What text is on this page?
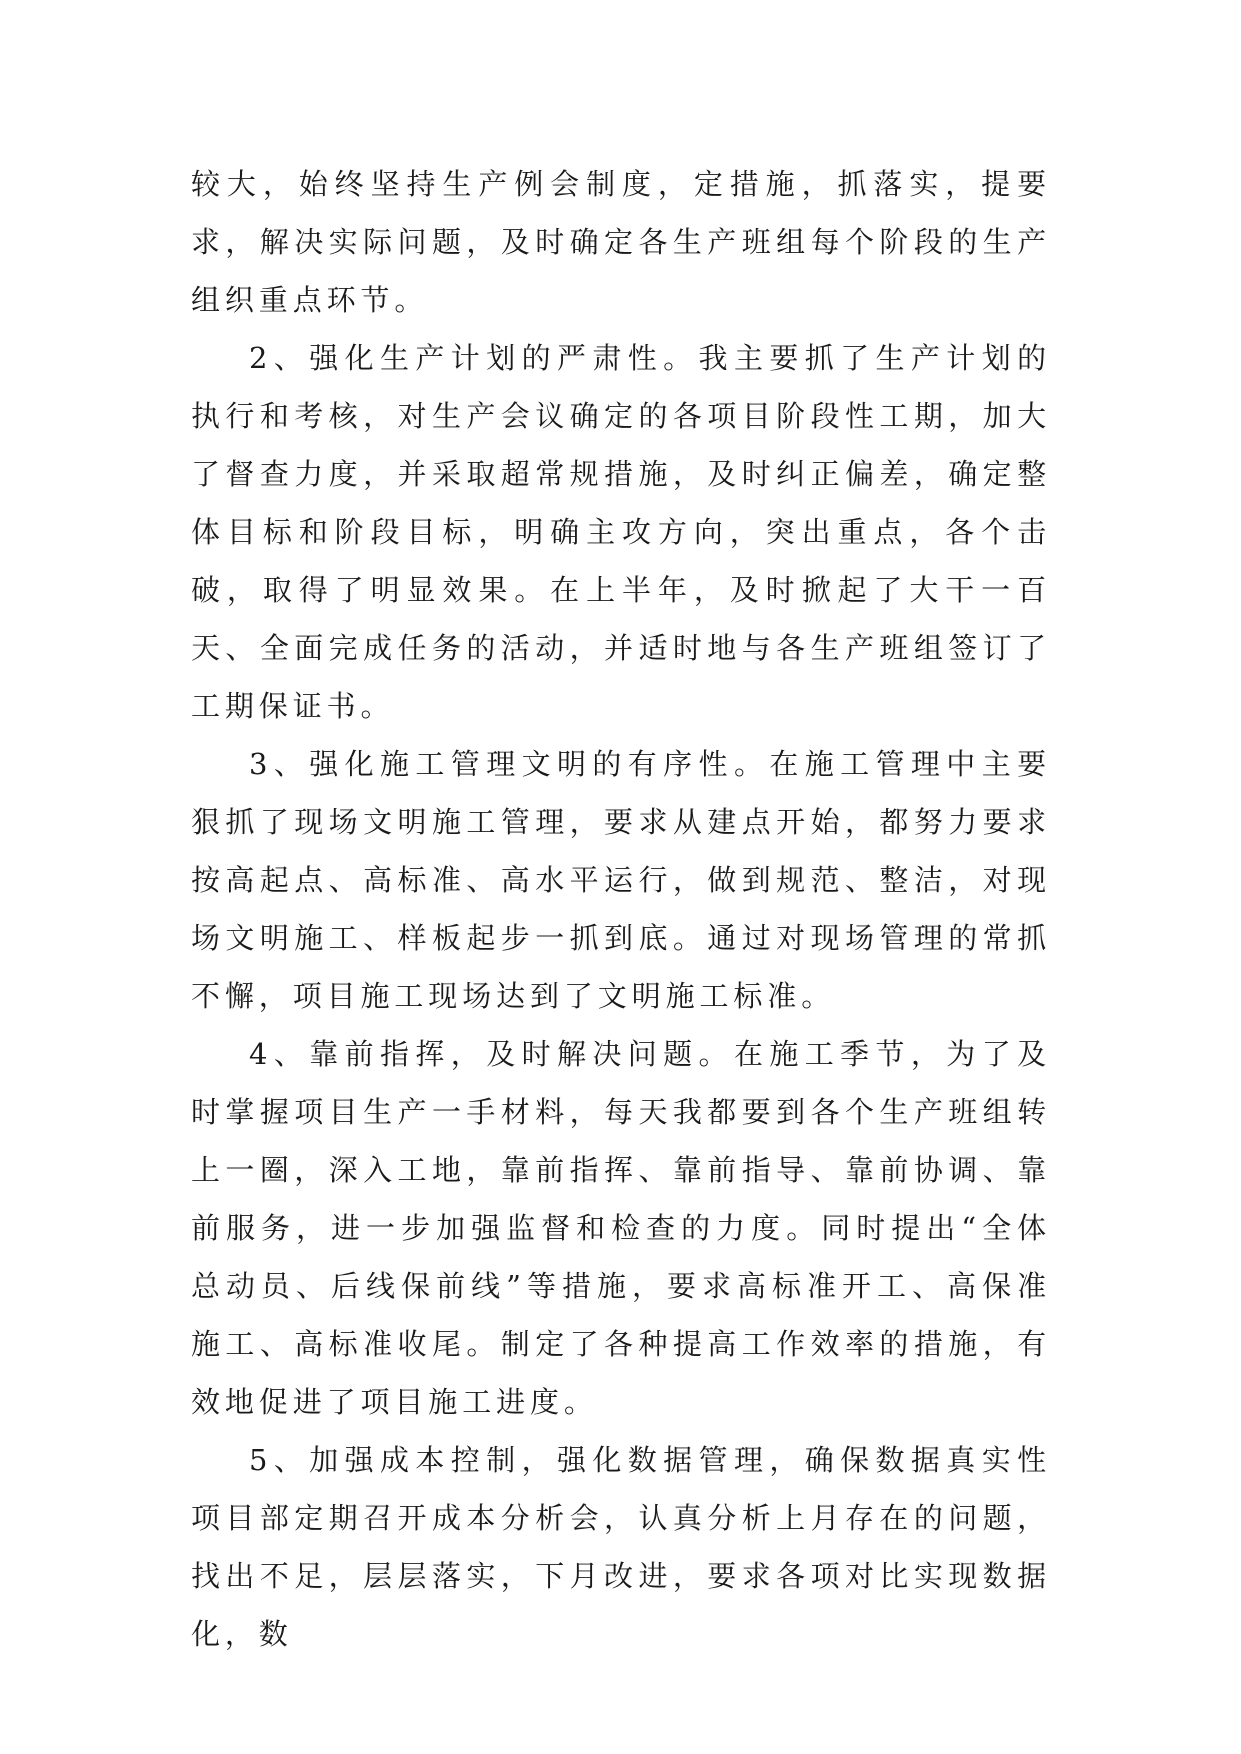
较大，始终坚持生产例会制度，定措施，抓落实，提要求，解决实际问题，及时确定各生产班组每个阶段的生产组织重点环节。

2、强化生产计划的严肃性。我主要抓了生产计划的执行和考核，对生产会议确定的各项目阶段性工期，加大了督查力度，并采取超常规措施，及时纠正偏差，确定整体目标和阶段目标，明确主攻方向，突出重点，各个击破，取得了明显效果。在上半年，及时掀起了大干一百天、全面完成任务的活动，并适时地与各生产班组签订了工期保证书。

3、强化施工管理文明的有序性。在施工管理中主要狠抓了现场文明施工管理，要求从建点开始，都努力要求按高起点、高标准、高水平运行，做到规范、整洁，对现场文明施工、样板起步一抓到底。通过对现场管理的常抓不懈，项目施工现场达到了文明施工标准。

4、靠前指挥，及时解决问题。在施工季节，为了及时掌握项目生产一手材料，每天我都要到各个生产班组转上一圈，深入工地，靠前指挥、靠前指导、靠前协调、靠前服务，进一步加强监督和检查的力度。同时提出“全体总动员、后线保前线”等措施，要求高标准开工、高保准施工、高标准收尾。制定了各种提高工作效率的措施，有效地促进了项目施工进度。

5、加强成本控制，强化数据管理，确保数据真实性项目部定期召开成本分析会，认真分析上月存在的问题，找出不足，层层落实，下月改进，要求各项对比实现数据化，数
